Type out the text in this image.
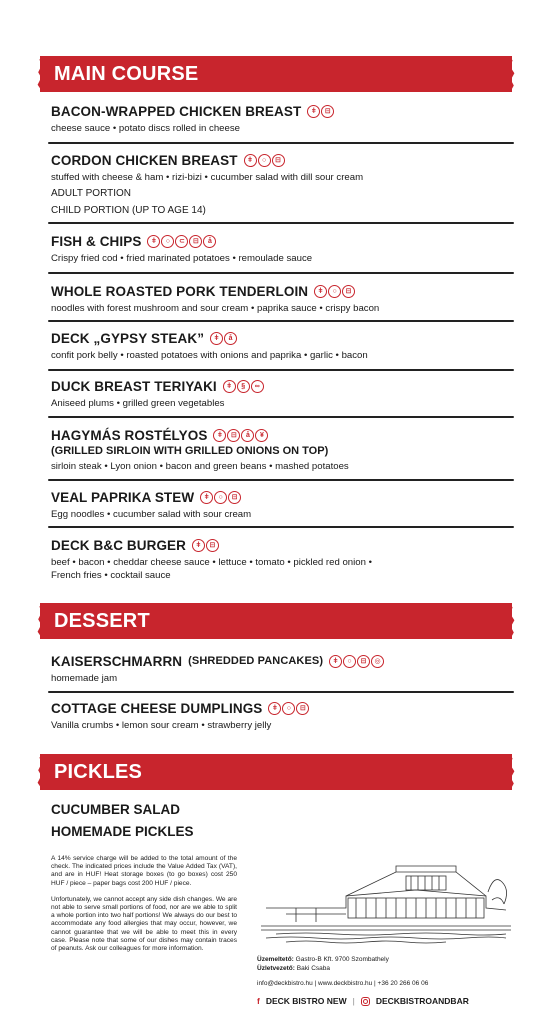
MAIN COURSE
BACON-WRAPPED CHICKEN BREAST	ǂ	⊟
cheese sauce • potato discs rolled in cheese
CORDON CHICKEN BREAST	ǂ	○	⊟
stuffed with cheese & ham • rizi-bizi • cucumber salad with dill sour cream
ADULT PORTION
CHILD PORTION (UP TO AGE 14)
FISH & CHIPS	ǂ	○	⊂	⊟	å
Crispy fried cod • fried marinated potatoes • remoulade sauce
WHOLE ROASTED PORK TENDERLOIN	ǂ	○	⊟
noodles with forest mushroom and sour cream • paprika sauce • crispy bacon
DECK „GYPSY STEAK”	ǂ	å
confit pork belly • roasted potatoes with onions and paprika • garlic • bacon
DUCK BREAST TERIYAKI	ǂ	§	∞
Aniseed plums • grilled green vegetables
HAGYMÁS ROSTÉLYOS	ǂ	⊟	å	¥
(GRILLED SIRLOIN WITH GRILLED ONIONS ON TOP)
sirloin steak • Lyon onion • bacon and green beans • mashed potatoes
VEAL PAPRIKA STEW	ǂ	○	⊟
Egg noodles • cucumber salad with sour cream
DECK B&C BURGER	ǂ	⊟
beef • bacon • cheddar cheese sauce • lettuce • tomato • pickled red onion •
French fries • cocktail sauce
DESSERT
KAISERSCHMARRN (SHREDDED PANCAKES)	ǂ	○	⊟	◎
homemade jam
COTTAGE CHEESE DUMPLINGS	ǂ	○	⊟
Vanilla crumbs • lemon sour cream • strawberry jelly
PICKLES
CUCUMBER SALAD
HOMEMADE PICKLES

A 14% service charge will be added to the total amount of the check. The indicated prices include the Value Added Tax (VAT), and are in HUF! Heat storage boxes (to go boxes) cost 250 HUF / piece – paper bags cost 200 HUF / piece.

Unfortunately, we cannot accept any side dish changes. We are not able to serve small portions of food, nor are we able to split a whole portion into two half portions! We always do our best to accommodate any food allergies that may occur, however, we cannot guarantee that we will be able to meet this in every case. Please note that some of our dishes may contain traces of peanuts. Ask our colleagues for more information.

Üzemeltető: Gastro-B Kft. 9700 Szombathely
Üzletvezető: Baki Csaba
info@deckbistro.hu | www.deckbistro.hu | +36 20 266 06 06
f DECK BISTRO NEW | DECKBISTROANDBAR
